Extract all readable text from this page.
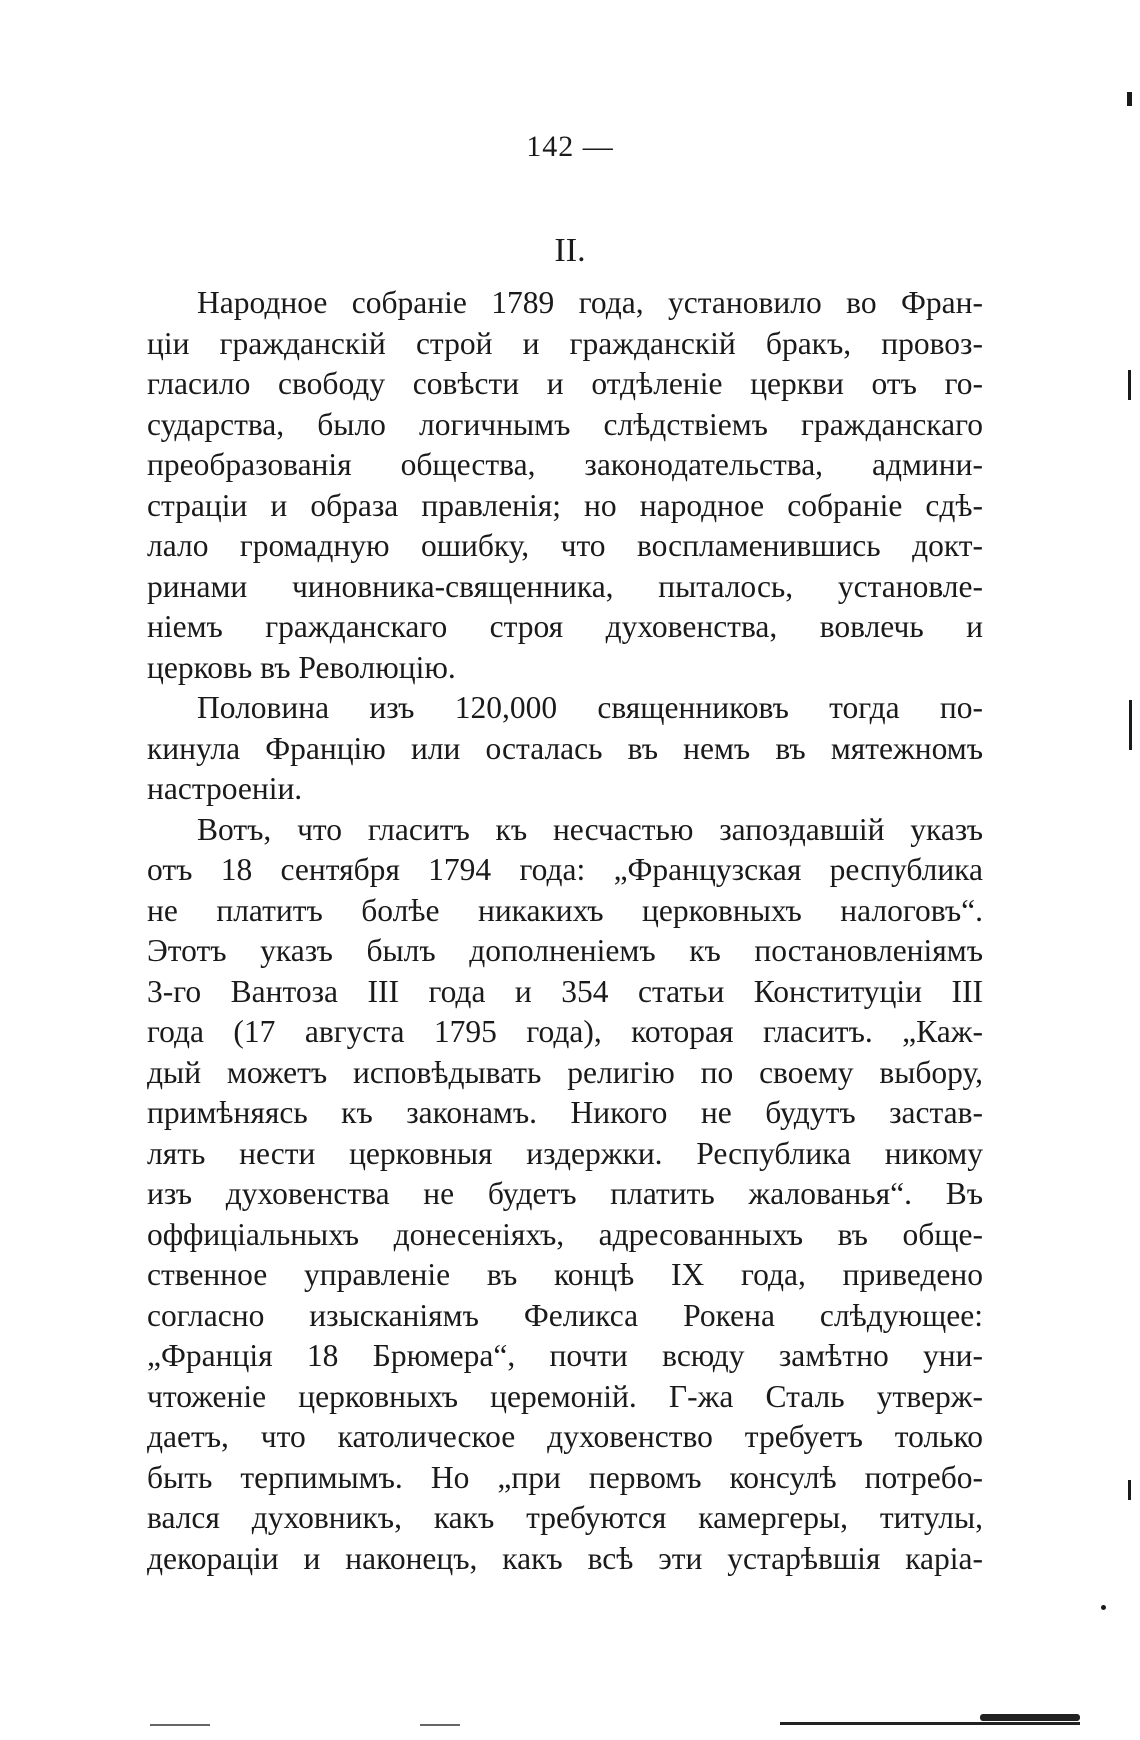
142 —
II.
Народное собраніе 1789 года, установило во Фран-
ціи гражданскій строй и гражданскій бракъ, провоз-
гласило свободу совѣсти и отдѣленіе церкви отъ го-
сударства, было логичнымъ слѣдствіемъ гражданскаго
преобразованія общества, законодательства, админи-
страціи и образа правленія; но народное собраніе сдѣ-
лало громадную ошибку, что воспламенившись докт-
ринами чиновника-священника, пыталось, установле-
ніемъ гражданскаго строя духовенства, вовлечь и
церковь въ Революцію.
Половина изъ 120,000 священниковъ тогда по-
кинула Францію или осталась въ немъ въ мятежномъ
настроеніи.
Вотъ, что гласитъ къ несчастью запоздавшій указъ
отъ 18 сентября 1794 года: „Французская республика
не платитъ болѣе никакихъ церковныхъ налоговъ“.
Этотъ указъ былъ дополненіемъ къ постановленіямъ
3-го Вантоза III года и 354 статьи Конституціи III
года (17 августа 1795 года), которая гласитъ. „Каж-
дый можетъ исповѣдывать религію по своему выбору,
примѣняясь къ законамъ. Никого не будутъ застав-
лять нести церковныя издержки. Республика никому
изъ духовенства не будетъ платить жалованья“. Въ
оффиціальныхъ донесеніяхъ, адресованныхъ въ обще-
ственное управленіе въ концѣ IX года, приведено
согласно изысканіямъ Феликса Рокена слѣдующее:
„Франція 18 Брюмера“, почти всюду замѣтно уни-
чтоженіе церковныхъ церемоній. Г-жа Сталь утверж-
даетъ, что католическое духовенство требуетъ только
быть терпимымъ. Но „при первомъ консулѣ потребо-
вался духовникъ, какъ требуются камергеры, титулы,
декораціи и наконецъ, какъ всѣ эти устарѣвшія каріа-
